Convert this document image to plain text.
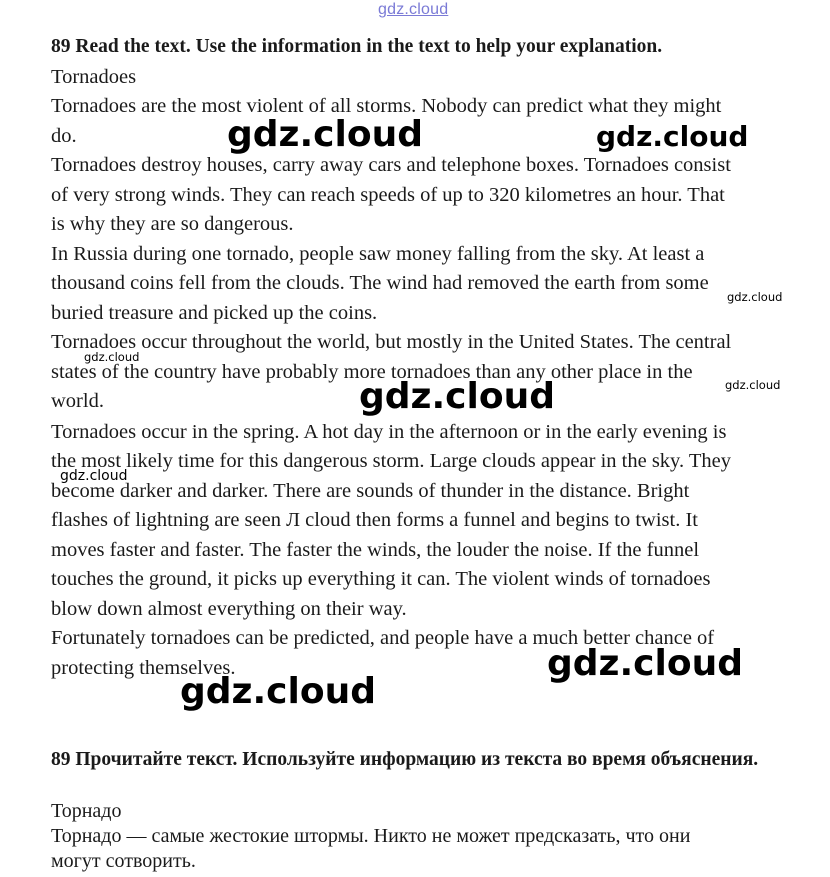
gdz.cloud
89 Read the text. Use the information in the text to help your explanation.
Tornadoes
Tornadoes are the most violent of all storms. Nobody can predict what they might
do.
Tornadoes destroy houses, carry away cars and telephone boxes. Tornadoes consist
of very strong winds. They can reach speeds of up to 320 kilometres an hour. That
is why they are so dangerous.
In Russia during one tornado, people saw money falling from the sky. At least a
thousand coins fell from the clouds. The wind had removed the earth from some
buried treasure and picked up the coins.
Tornadoes occur throughout the world, but mostly in the United States. The central
states of the country have probably more tornadoes than any other place in the
world.
Tornadoes occur in the spring. A hot day in the afternoon or in the early evening is
the most likely time for this dangerous storm. Large clouds appear in the sky. They
become darker and darker. There are sounds of thunder in the distance. Bright
flashes of lightning are seen Л cloud then forms a funnel and begins to twist. It
moves faster and faster. The faster the winds, the louder the noise. If the funnel
touches the ground, it picks up everything it can. The violent winds of tornadoes
blow down almost everything on their way.
Fortunately tornadoes can be predicted, and people have a much better chance of
protecting themselves.
89 Прочитайте текст. Используйте информацию из текста во время объяснения.
Торнадо
Торнадо — самые жестокие штормы. Никто не может предсказать, что они
могут сотворить.
gdz.cloud	gdz.cloud
gdz.cloud
gdz.cloud
gdz.cloud
gdz.cloud
gdz.cloud
gdz.cloud
gdz.cloud
